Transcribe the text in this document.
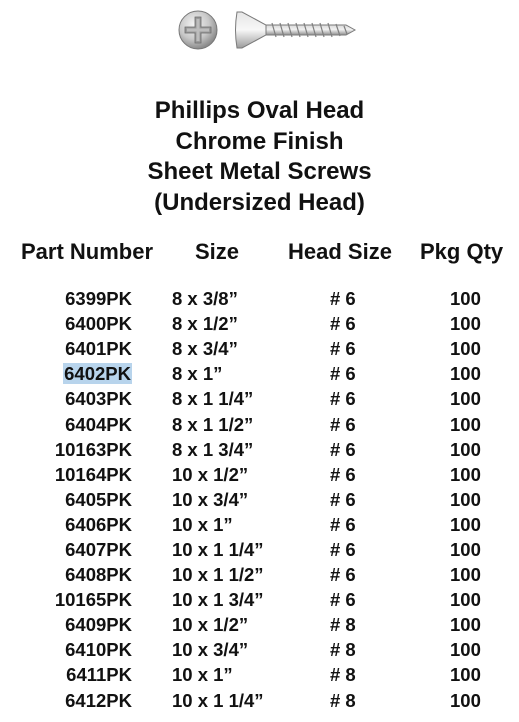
Phillips Oval Head
Chrome Finish
Sheet Metal Screws
(Undersized Head)
Part Number	Size	Head Size	Pkg Qty

6399PK	8 x 3/8”	# 6	100
6400PK	8 x 1/2”	# 6	100
6401PK	8 x 3/4”	# 6	100
6402PK	8 x 1”	# 6	100
6403PK	8 x 1 1/4”	# 6	100
6404PK	8 x 1 1/2”	# 6	100
10163PK	8 x 1 3/4”	# 6	100
10164PK	10 x 1/2”	# 6	100
6405PK	10 x 3/4”	# 6	100
6406PK	10 x 1”	# 6	100
6407PK	10 x 1 1/4”	# 6	100
6408PK	10 x 1 1/2”	# 6	100
10165PK	10 x 1 3/4”	# 6	100
6409PK	10 x 1/2”	# 8	100
6410PK	10 x 3/4”	# 8	100
6411PK	10 x 1”	# 8	100
6412PK	10 x 1 1/4”	# 8	100
